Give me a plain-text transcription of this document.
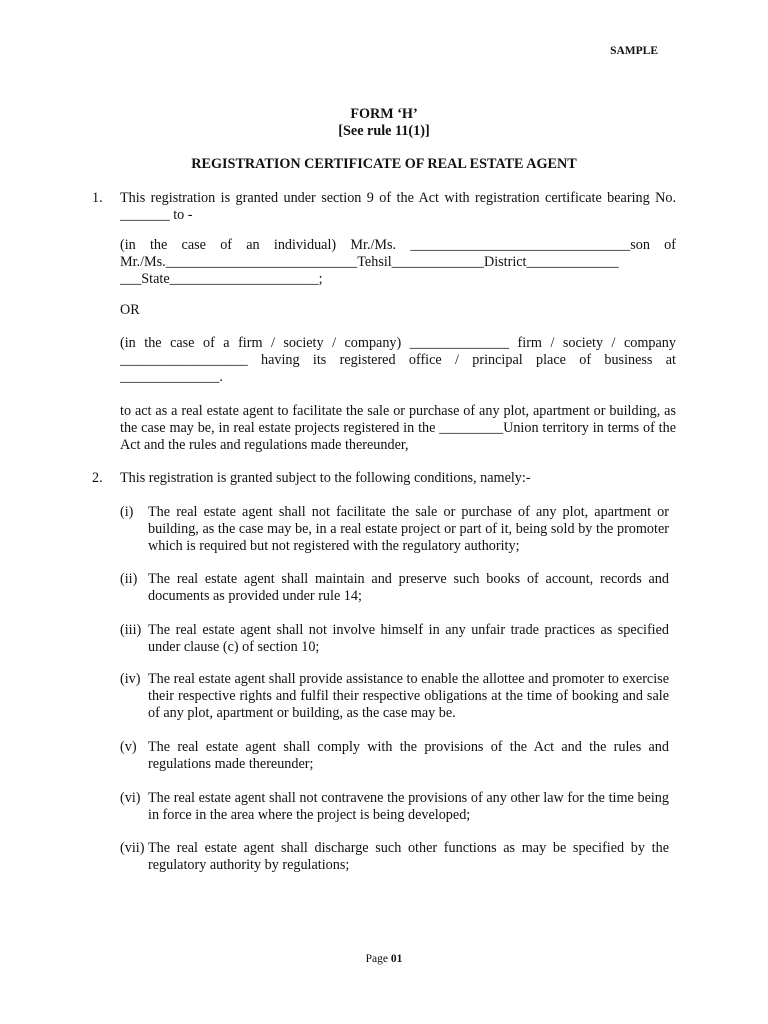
SAMPLE
FORM ‘H’
[See rule 11(1)]
REGISTRATION CERTIFICATE OF REAL ESTATE AGENT
1. This registration is granted under section 9 of the Act with registration certificate bearing No. _______ to -
(in the case of an individual) Mr./Ms. _______________________________son of
Mr./Ms.___________________________Tehsil_____________District_____________
___State_____________________;
OR
(in the case of a firm / society / company) ______________ firm / society / company
__________________ having its registered office / principal place of business at
______________.
to act as a real estate agent to facilitate the sale or purchase of any plot, apartment or building, as the case may be, in real estate projects registered in the _________Union territory in terms of the Act and the rules and regulations made thereunder,
2. This registration is granted subject to the following conditions, namely:-
(i)	The real estate agent shall not facilitate the sale or purchase of any plot, apartment or building, as the case may be, in a real estate project or part of it, being sold by the promoter which is required but not registered with the regulatory authority;
(ii) The real estate agent shall maintain and preserve such books of account, records and documents as provided under rule 14;
(iii) The real estate agent shall not involve himself in any unfair trade practices as specified under clause (c) of section 10;
(iv) The real estate agent shall provide assistance to enable the allottee and promoter to exercise their respective rights and fulfil their respective obligations at the time of booking and sale of any plot, apartment or building, as the case may be.
(v) The real estate agent shall comply with the provisions of the Act and the rules and regulations made thereunder;
(vi) The real estate agent shall not contravene the provisions of any other law for the time being in force in the area where the project is being developed;
(vii) The real estate agent shall discharge such other functions as may be specified by the regulatory authority by regulations;
Page 01
